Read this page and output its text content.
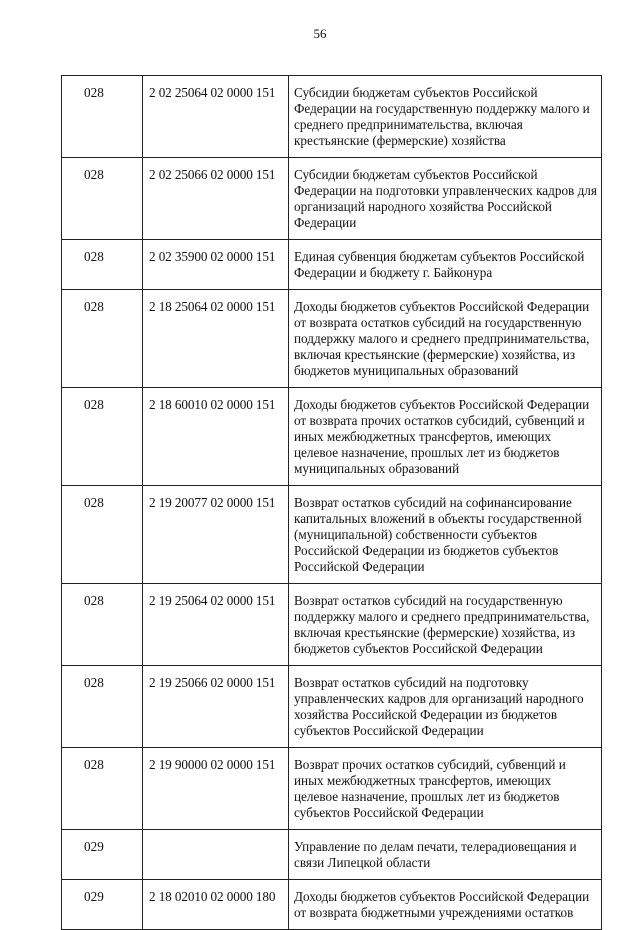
56
028	2 02 25064 02 0000 151	Субсидии бюджетам субъектов Российской Федерации на государственную поддержку малого и среднего предпринимательства, включая крестьянские (фермерские) хозяйства
028	2 02 25066 02 0000 151	Субсидии бюджетам субъектов Российской Федерации на подготовки управленческих кадров для организаций народного хозяйства Российской Федерации
028	2 02 35900 02 0000 151	Единая субвенция бюджетам субъектов Российской Федерации и бюджету г. Байконура
028	2 18 25064 02 0000 151	Доходы бюджетов субъектов Российской Федерации от возврата остатков субсидий на государственную поддержку малого и среднего предпринимательства, включая крестьянские (фермерские) хозяйства, из бюджетов муниципальных образований
028	2 18 60010 02 0000 151	Доходы бюджетов субъектов Российской Федерации от возврата прочих остатков субсидий, субвенций и иных межбюджетных трансфертов, имеющих целевое назначение, прошлых лет из бюджетов муниципальных образований
028	2 19 20077 02 0000 151	Возврат остатков субсидий на софинансирование капитальных вложений в объекты государственной (муниципальной) собственности субъектов Российской Федерации из бюджетов субъектов Российской Федерации
028	2 19 25064 02 0000 151	Возврат остатков субсидий на государственную поддержку малого и среднего предпринимательства, включая крестьянские (фермерские) хозяйства, из бюджетов субъектов Российской Федерации
028	2 19 25066 02 0000 151	Возврат остатков субсидий на подготовку управленческих кадров для организаций народного хозяйства Российской Федерации из бюджетов субъектов Российской Федерации
028	2 19 90000 02 0000 151	Возврат прочих остатков субсидий, субвенций и иных межбюджетных трансфертов, имеющих целевое назначение, прошлых лет из бюджетов субъектов Российской Федерации
029		Управление по делам печати, телерадиовещания и связи Липецкой области
029	2 18 02010 02 0000 180	Доходы бюджетов субъектов Российской Федерации от возврата бюджетными учреждениями остатков
